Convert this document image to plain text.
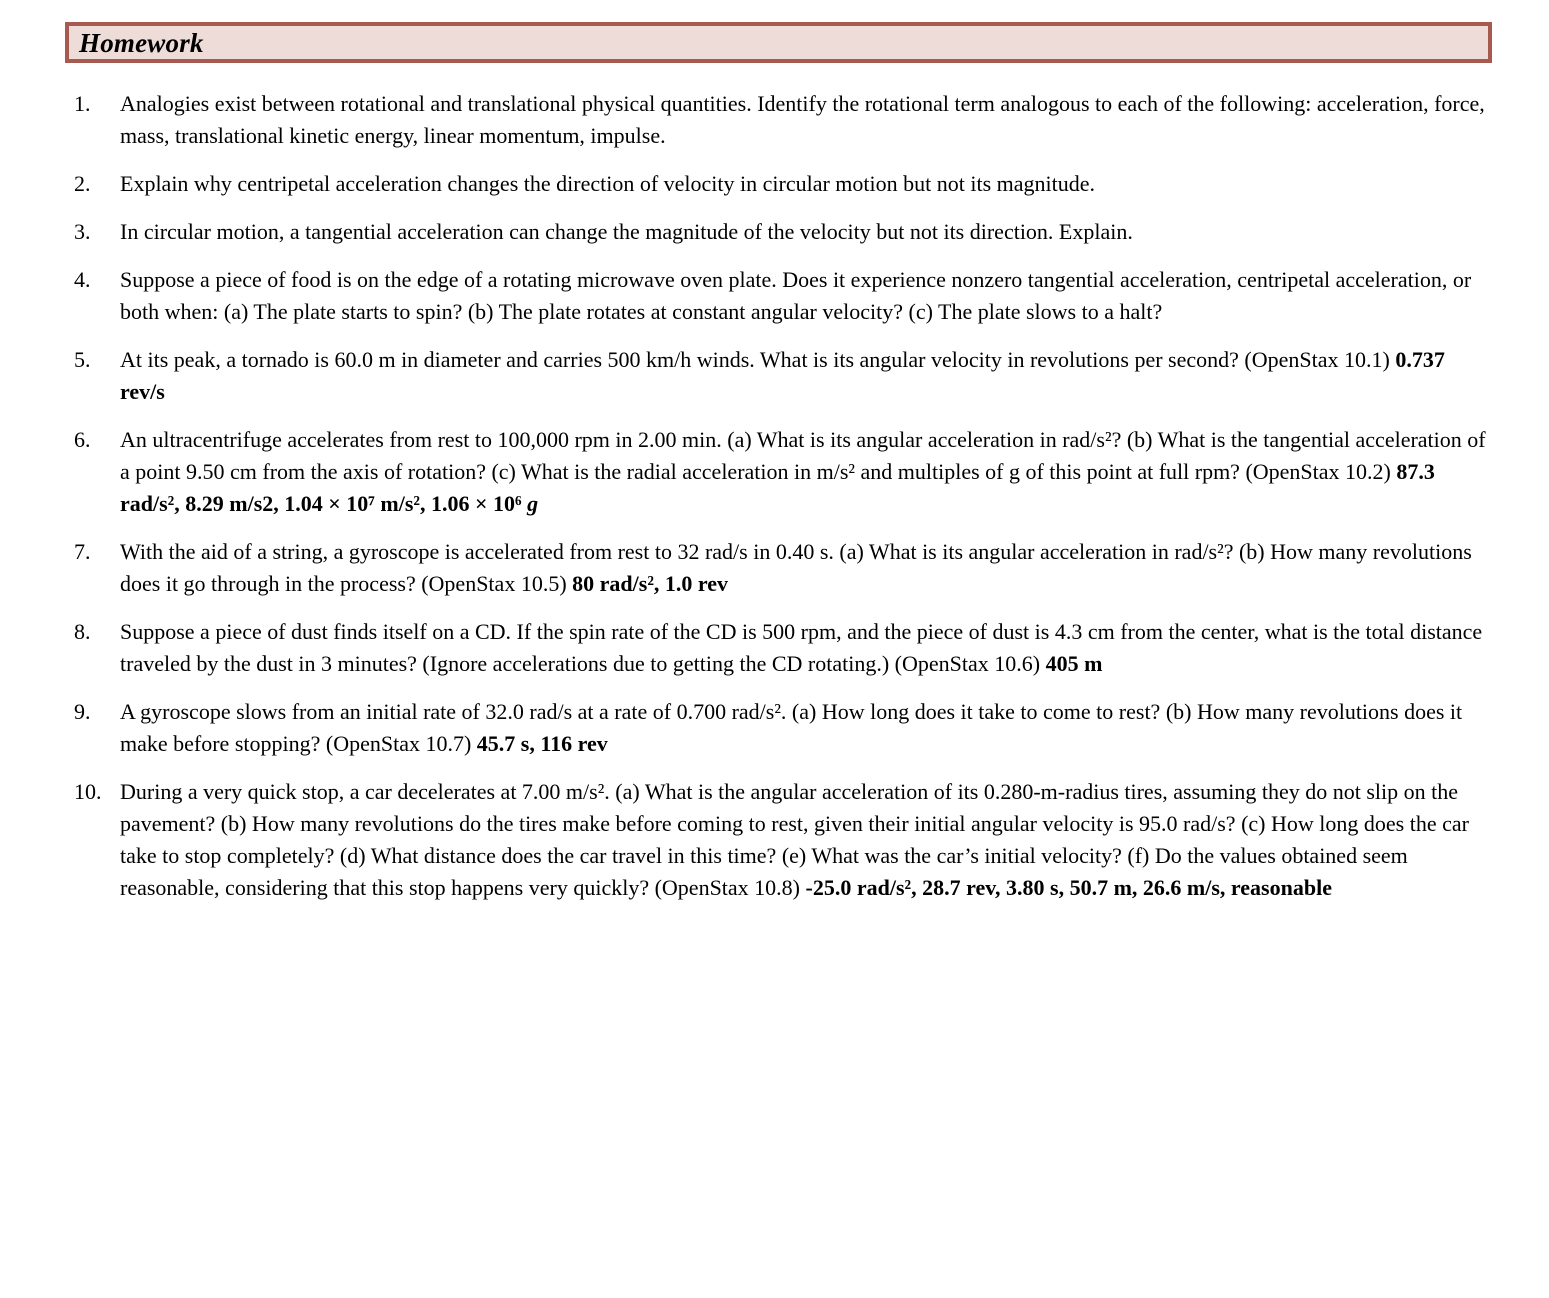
Homework
1.	Analogies exist between rotational and translational physical quantities. Identify the rotational term analogous to each of the following: acceleration, force, mass, translational kinetic energy, linear momentum, impulse.
2.	Explain why centripetal acceleration changes the direction of velocity in circular motion but not its magnitude.
3.	In circular motion, a tangential acceleration can change the magnitude of the velocity but not its direction. Explain.
4.	Suppose a piece of food is on the edge of a rotating microwave oven plate. Does it experience nonzero tangential acceleration, centripetal acceleration, or both when: (a) The plate starts to spin? (b) The plate rotates at constant angular velocity? (c) The plate slows to a halt?
5.	At its peak, a tornado is 60.0 m in diameter and carries 500 km/h winds. What is its angular velocity in revolutions per second? (OpenStax 10.1) 0.737 rev/s
6.	An ultracentrifuge accelerates from rest to 100,000 rpm in 2.00 min. (a) What is its angular acceleration in rad/s²? (b) What is the tangential acceleration of a point 9.50 cm from the axis of rotation? (c) What is the radial acceleration in m/s² and multiples of g of this point at full rpm? (OpenStax 10.2) 87.3 rad/s², 8.29 m/s2, 1.04 × 10⁷ m/s², 1.06 × 10⁶ g
7.	With the aid of a string, a gyroscope is accelerated from rest to 32 rad/s in 0.40 s. (a) What is its angular acceleration in rad/s²? (b) How many revolutions does it go through in the process? (OpenStax 10.5) 80 rad/s², 1.0 rev
8.	Suppose a piece of dust finds itself on a CD. If the spin rate of the CD is 500 rpm, and the piece of dust is 4.3 cm from the center, what is the total distance traveled by the dust in 3 minutes? (Ignore accelerations due to getting the CD rotating.) (OpenStax 10.6) 405 m
9.	A gyroscope slows from an initial rate of 32.0 rad/s at a rate of 0.700 rad/s². (a) How long does it take to come to rest? (b) How many revolutions does it make before stopping? (OpenStax 10.7) 45.7 s, 116 rev
10. During a very quick stop, a car decelerates at 7.00 m/s². (a) What is the angular acceleration of its 0.280-m-radius tires, assuming they do not slip on the pavement? (b) How many revolutions do the tires make before coming to rest, given their initial angular velocity is 95.0 rad/s? (c) How long does the car take to stop completely? (d) What distance does the car travel in this time? (e) What was the car’s initial velocity? (f) Do the values obtained seem reasonable, considering that this stop happens very quickly? (OpenStax 10.8) -25.0 rad/s², 28.7 rev, 3.80 s, 50.7 m, 26.6 m/s, reasonable
